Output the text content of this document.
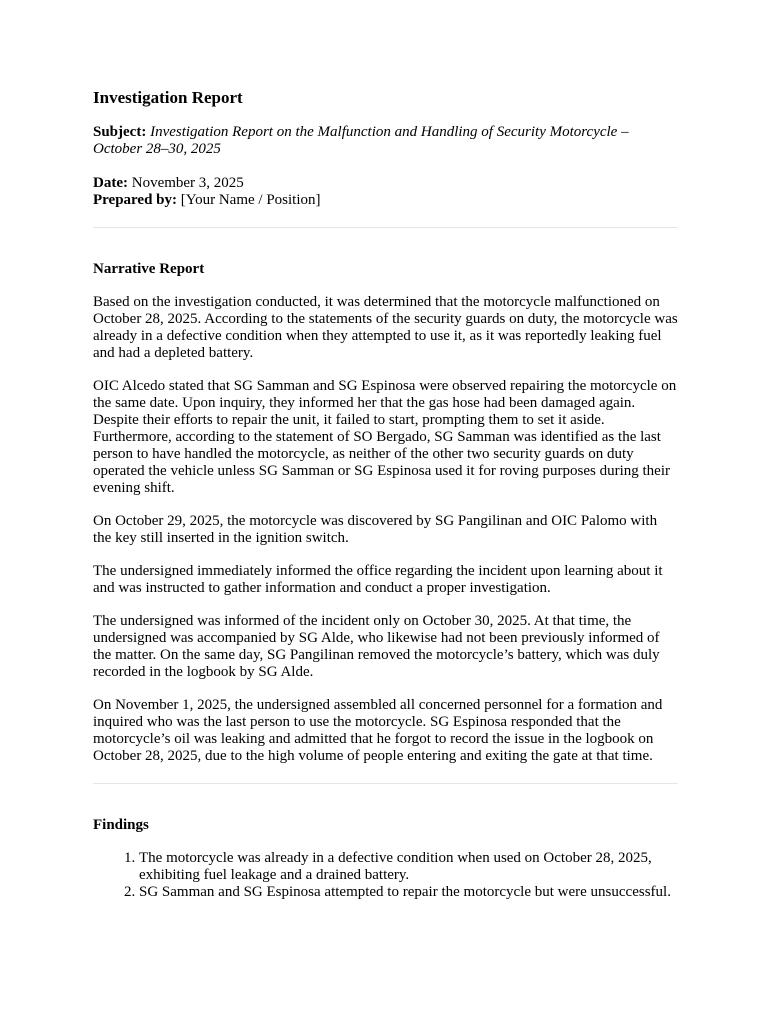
Investigation Report

Subject: Investigation Report on the Malfunction and Handling of Security Motorcycle – October 28–30, 2025

Date: November 3, 2025

Prepared by: [Your Name / Position]

Narrative Report

Based on the investigation conducted, it was determined that the motorcycle malfunctioned on October 28, 2025. According to the statements of the security guards on duty, the motorcycle was already in a defective condition when they attempted to use it, as it was reportedly leaking fuel and had a depleted battery.

OIC Alcedo stated that SG Samman and SG Espinosa were observed repairing the motorcycle on the same date. Upon inquiry, they informed her that the gas hose had been damaged again. Despite their efforts to repair the unit, it failed to start, prompting them to set it aside. Furthermore, according to the statement of SO Bergado, SG Samman was identified as the last person to have handled the motorcycle, as neither of the other two security guards on duty operated the vehicle unless SG Samman or SG Espinosa used it for roving purposes during their evening shift.

On October 29, 2025, the motorcycle was discovered by SG Pangilinan and OIC Palomo with the key still inserted in the ignition switch.

The undersigned immediately informed the office regarding the incident upon learning about it and was instructed to gather information and conduct a proper investigation.

The undersigned was informed of the incident only on October 30, 2025. At that time, the undersigned was accompanied by SG Alde, who likewise had not been previously informed of the matter. On the same day, SG Pangilinan removed the motorcycle’s battery, which was duly recorded in the logbook by SG Alde.

On November 1, 2025, the undersigned assembled all concerned personnel for a formation and inquired who was the last person to use the motorcycle. SG Espinosa responded that the motorcycle’s oil was leaking and admitted that he forgot to record the issue in the logbook on October 28, 2025, due to the high volume of people entering and exiting the gate at that time.

Findings
1. The motorcycle was already in a defective condition when used on October 28, 2025, exhibiting fuel leakage and a drained battery.
2. SG Samman and SG Espinosa attempted to repair the motorcycle but were unsuccessful.
